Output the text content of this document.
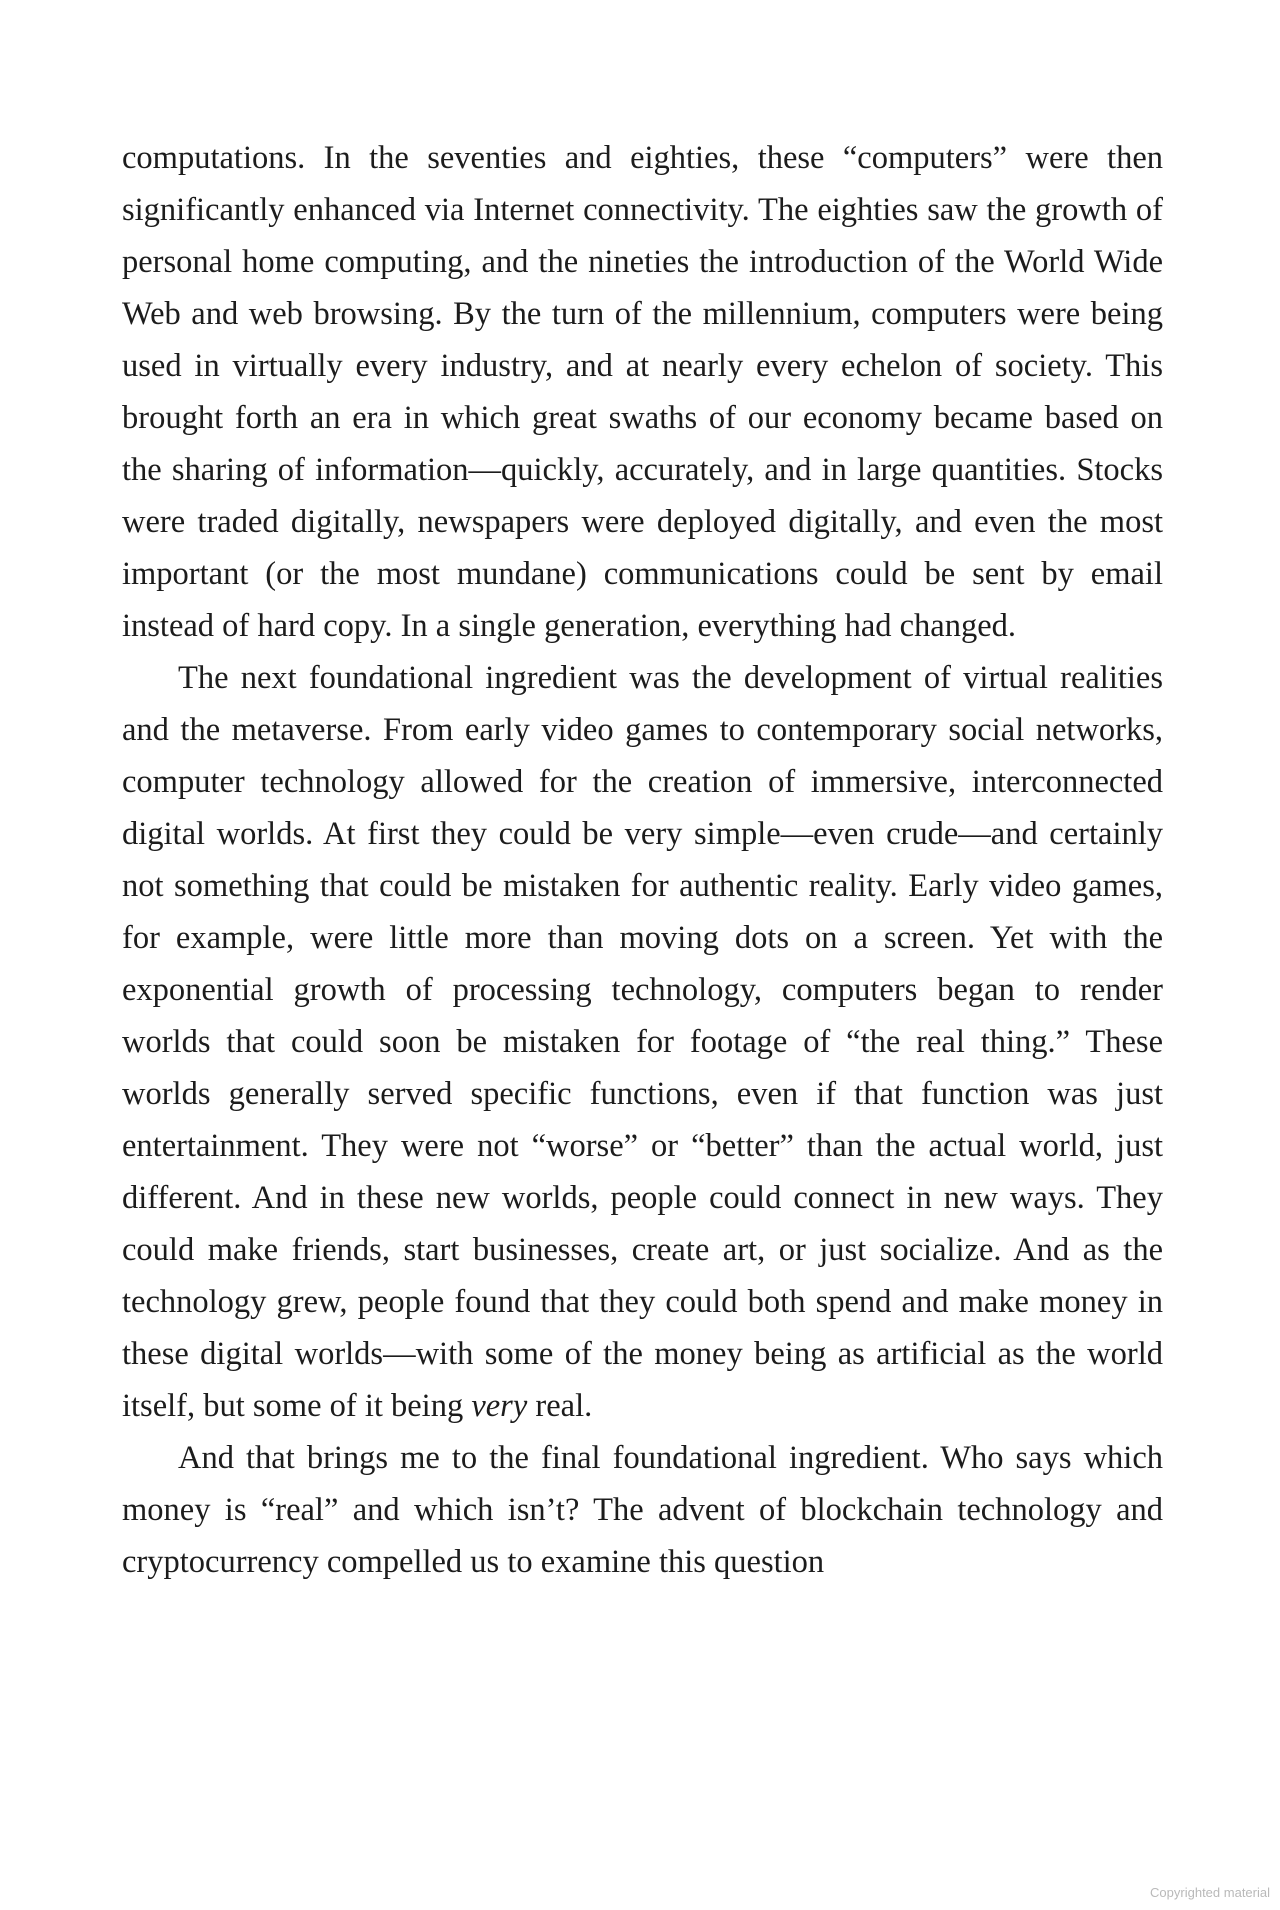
computations. In the seventies and eighties, these “computers” were then significantly enhanced via Internet connectivity. The eighties saw the growth of personal home computing, and the nineties the introduction of the World Wide Web and web browsing. By the turn of the millennium, computers were being used in virtually every industry, and at nearly every echelon of society. This brought forth an era in which great swaths of our economy became based on the sharing of information—quickly, accurately, and in large quantities. Stocks were traded digitally, newspapers were deployed digitally, and even the most important (or the most mundane) communications could be sent by email instead of hard copy. In a single generation, everything had changed.

The next foundational ingredient was the development of virtual realities and the metaverse. From early video games to contemporary social networks, computer technology allowed for the creation of immersive, interconnected digital worlds. At first they could be very simple—even crude—and certainly not something that could be mistaken for authentic reality. Early video games, for example, were little more than moving dots on a screen. Yet with the exponential growth of processing technology, computers began to render worlds that could soon be mistaken for footage of “the real thing.” These worlds generally served specific functions, even if that function was just entertainment. They were not “worse” or “better” than the actual world, just different. And in these new worlds, people could connect in new ways. They could make friends, start businesses, create art, or just socialize. And as the technology grew, people found that they could both spend and make money in these digital worlds—with some of the money being as artificial as the world itself, but some of it being very real.

And that brings me to the final foundational ingredient. Who says which money is “real” and which isn’t? The advent of blockchain technology and cryptocurrency compelled us to examine this question

Copyrighted material
